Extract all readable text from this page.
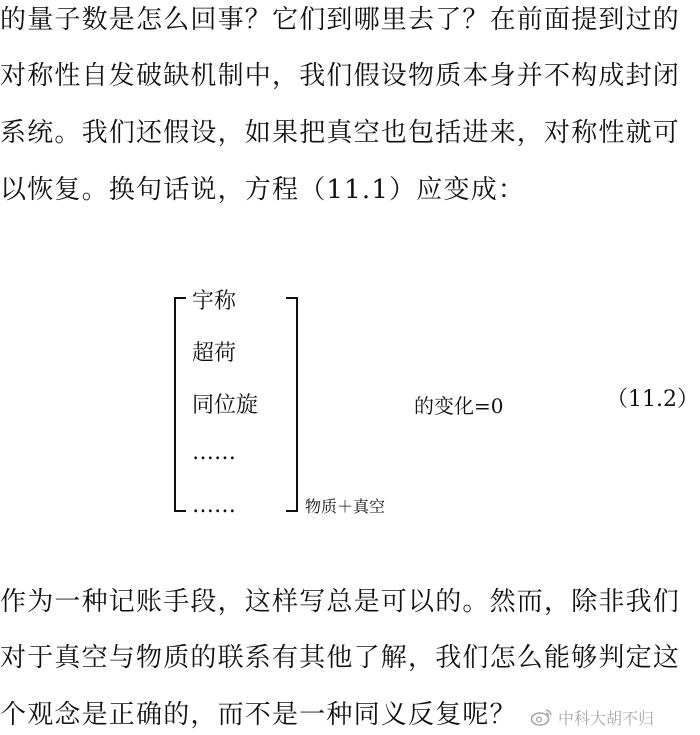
的量子数是怎么回事？它们到哪里去了？在前面提到过的
对称性自发破缺机制中，我们假设物质本身并不构成封闭
系统。我们还假设，如果把真空也包括进来，对称性就可
以恢复。换句话说，方程（11.1）应变成：
宇称
超荷
同位旋
……
……	物质＋真空
的变化=0	（11.2）
作为一种记账手段，这样写总是可以的。然而，除非我们
对于真空与物质的联系有其他了解，我们怎么能够判定这
个观念是正确的，而不是一种同义反复呢？	中科大胡不归
